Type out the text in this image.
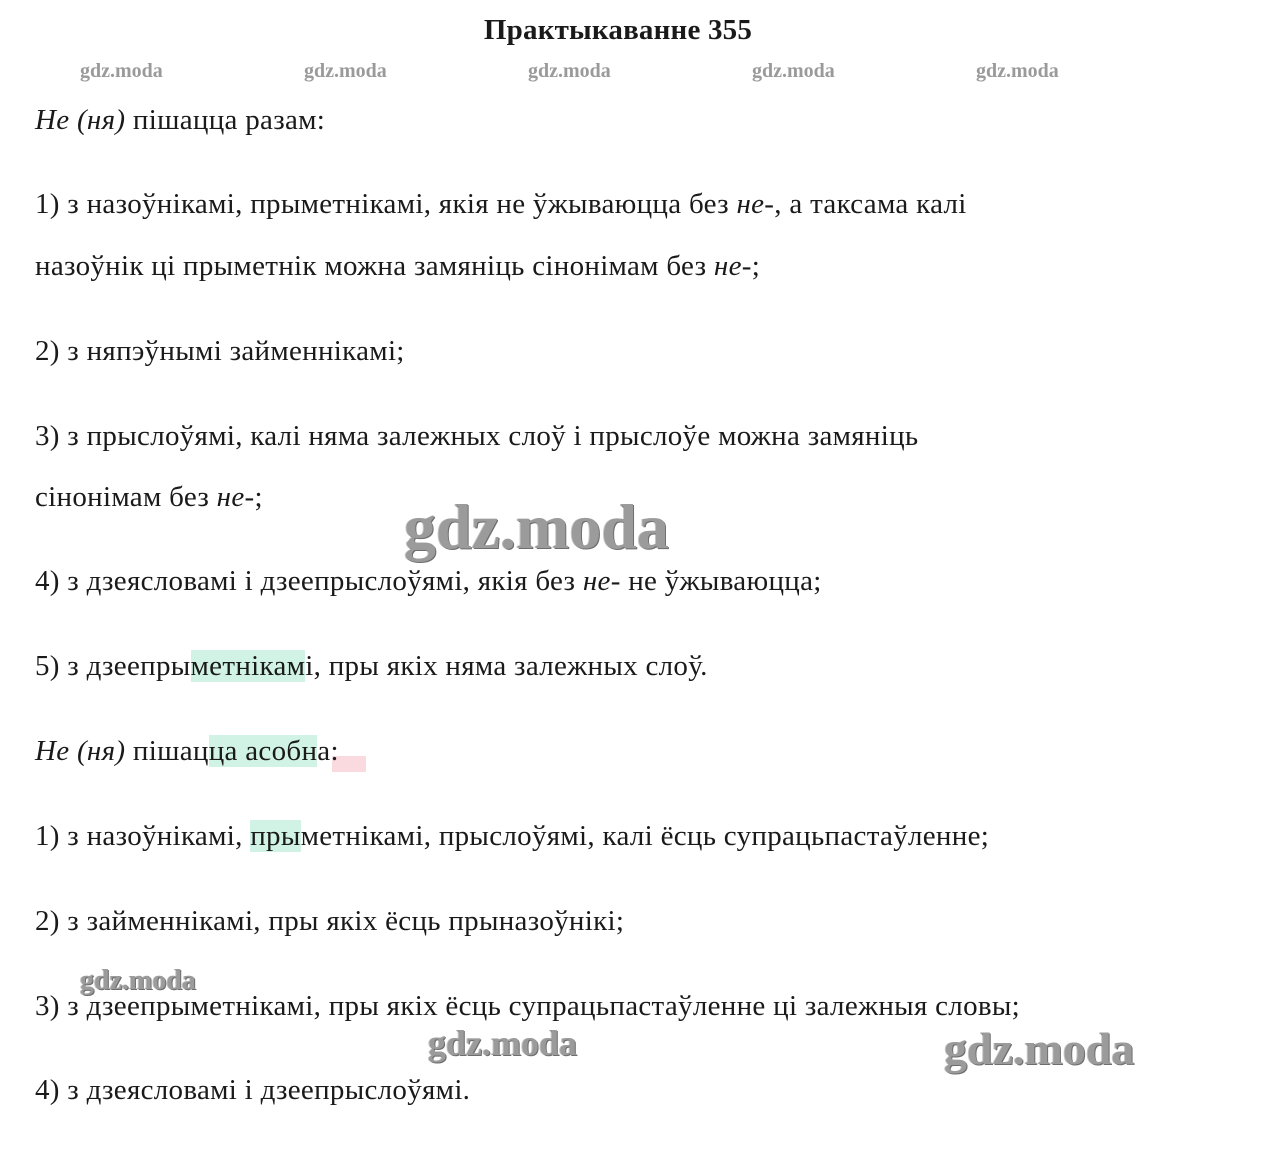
Практыкаванне 355
gdz.moda	gdz.moda	gdz.moda	gdz.moda	gdz.moda
Не (ня) пішацца разам:
1) з назоўнікамі, прыметнікамі, якія не ўжываюцца без не-, а таксама калі
назоўнік ці прыметнік можна замяніць сінонімам без не-;
2) з няпэўнымі займеннікамі;
3) з прыслоўямі, калі няма залежных слоў і прыслоўе можна замяніць
сінонімам без не-;
4) з дзеясловамі і дзеепрыслоўямі, якія без не- не ўжываюцца;
5) з дзеепрыметнікамі, пры якіх няма залежных слоў.
Не (ня) пішацца асобна:
1) з назоўнікамі, прыметнікамі, прыслоўямі, калі ёсць супрацьпастаўленне;
2) з займеннікамі, пры якіх ёсць прыназоўнікі;
3) з дзеепрыметнікамі, пры якіх ёсць супрацьпастаўленне ці залежныя словы;
4) з дзеясловамі і дзеепрыслоўямі.
gdz.moda
gdz.moda
gdz.moda	gdz.moda
